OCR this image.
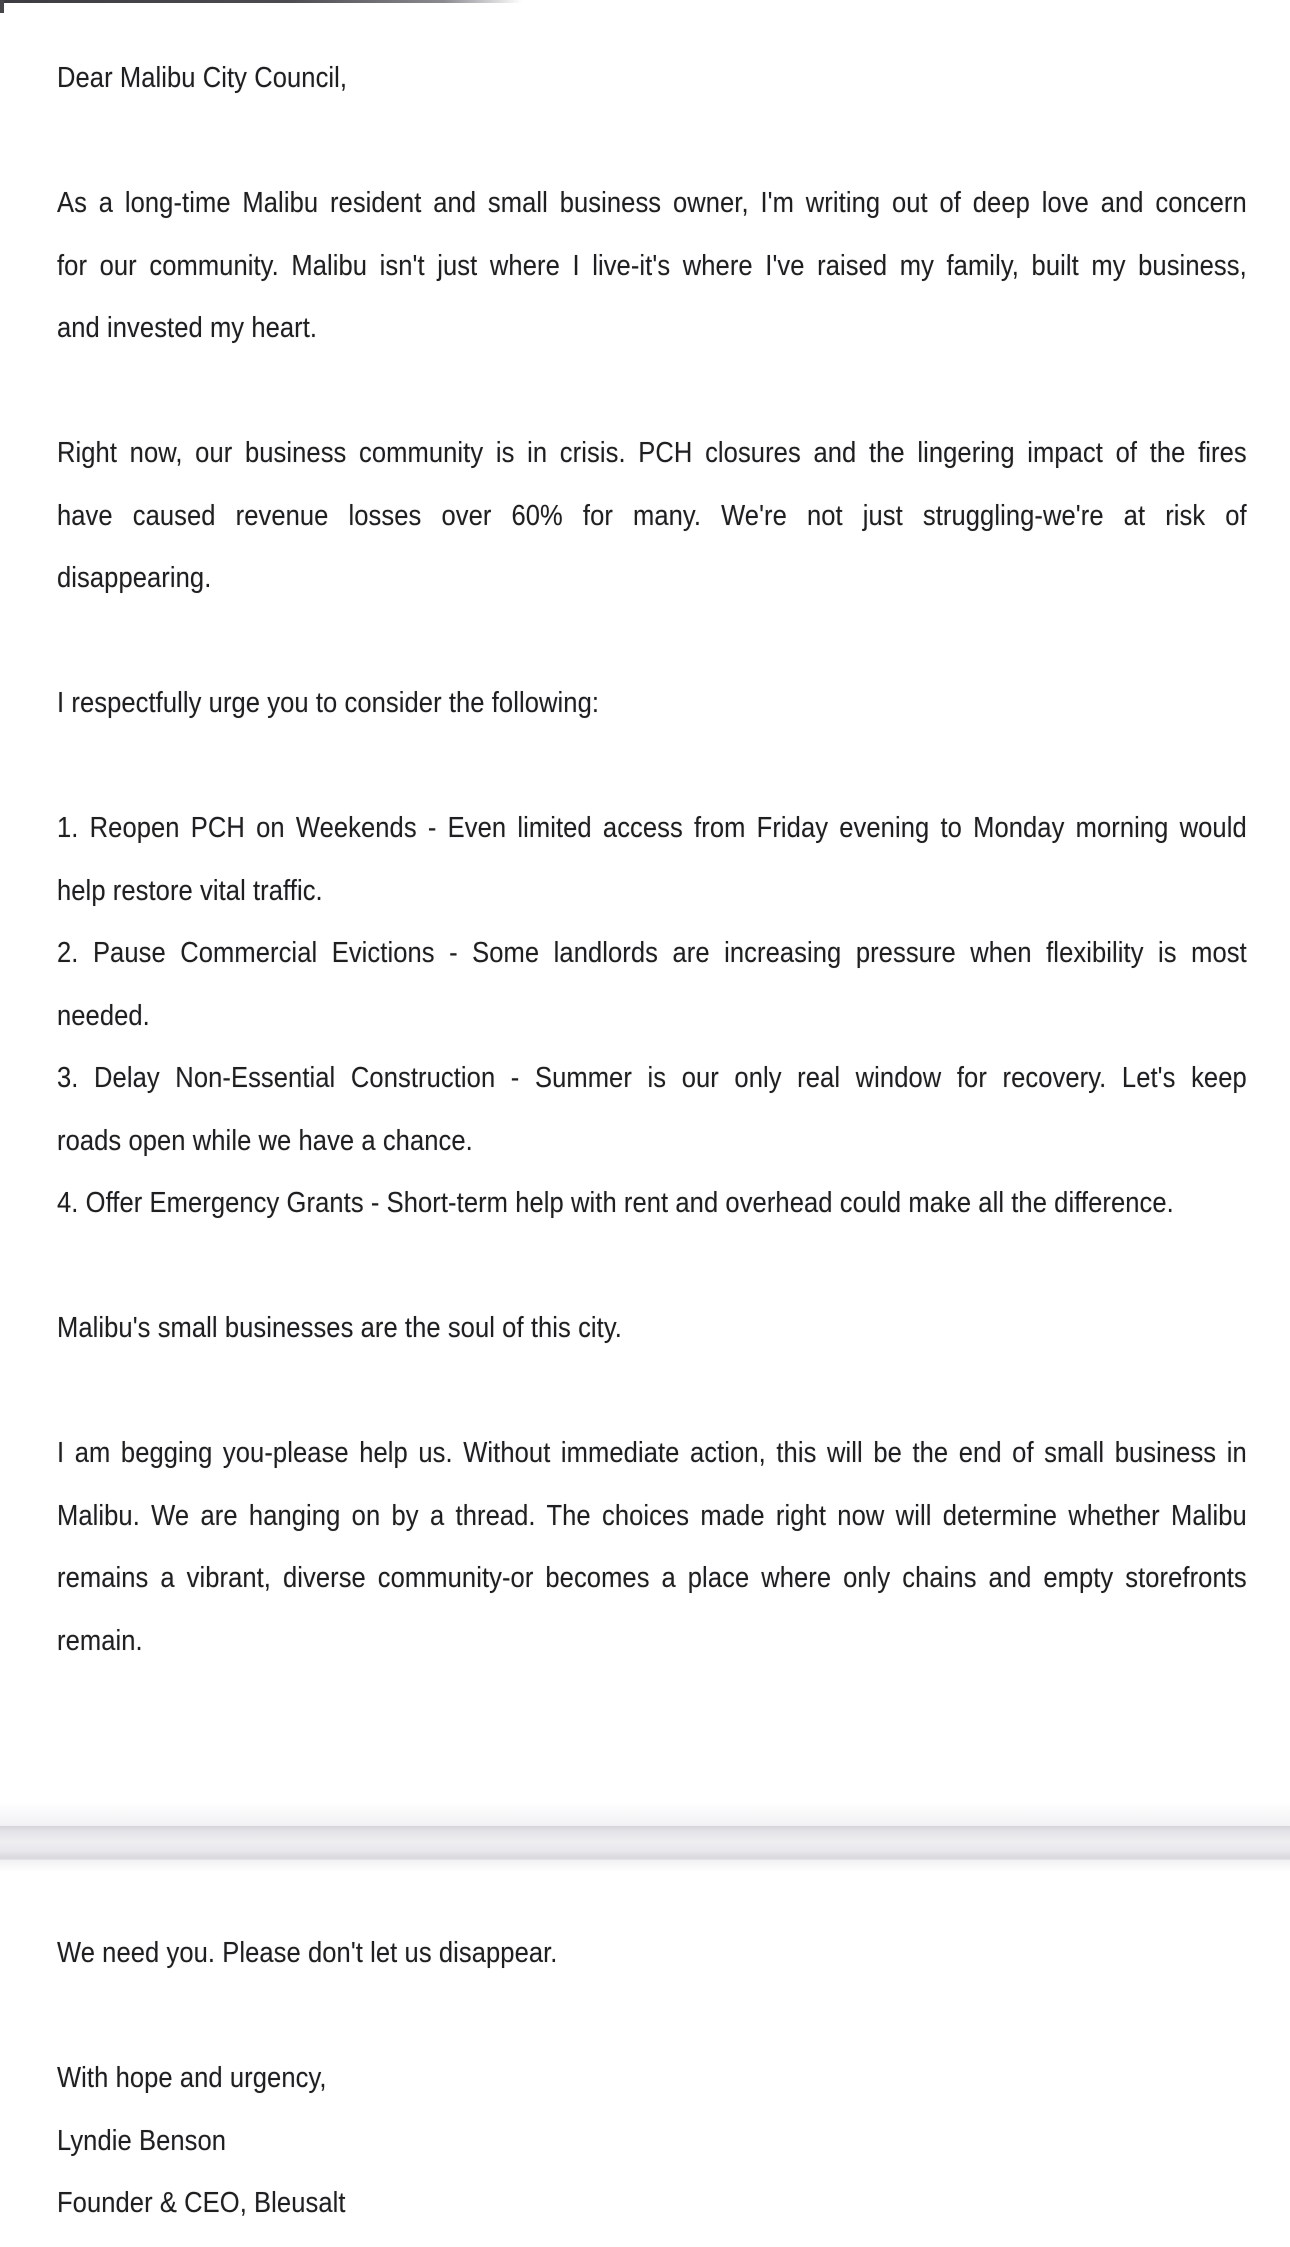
Dear Malibu City Council,
As a long-time Malibu resident and small business owner, I'm writing out of deep love and concern
for our community. Malibu isn't just where I live-it's where I've raised my family, built my business,
and invested my heart.
Right now, our business community is in crisis. PCH closures and the lingering impact of the fires
have caused revenue losses over 60% for many. We're not just struggling-we're at risk of
disappearing.
I respectfully urge you to consider the following:
1. Reopen PCH on Weekends - Even limited access from Friday evening to Monday morning would
help restore vital traffic.
2. Pause Commercial Evictions - Some landlords are increasing pressure when flexibility is most
needed.
3. Delay Non-Essential Construction - Summer is our only real window for recovery. Let's keep
roads open while we have a chance.
4. Offer Emergency Grants - Short-term help with rent and overhead could make all the difference.
Malibu's small businesses are the soul of this city.
I am begging you-please help us. Without immediate action, this will be the end of small business in
Malibu. We are hanging on by a thread. The choices made right now will determine whether Malibu
remains a vibrant, diverse community-or becomes a place where only chains and empty storefronts
remain.
We need you. Please don't let us disappear.
With hope and urgency,
Lyndie Benson
Founder & CEO, Bleusalt
